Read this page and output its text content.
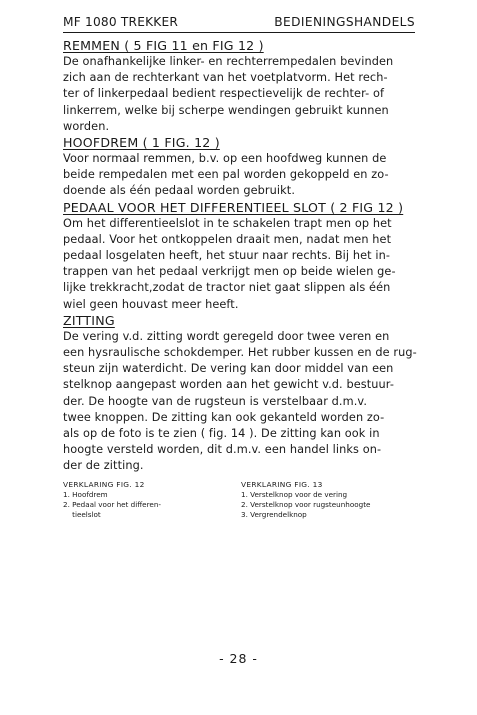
MF 1080 TREKKER	BEDIENINGSHANDELS
REMMEN ( 5 FIG 11 en FIG 12 )

De onafhankelijke linker- en rechterrempedalen bevinden

zich aan de rechterkant van het voetplatvorm. Het rech-

ter of linkerpedaal bedient respectievelijk de rechter- of

linkerrem, welke bij scherpe wendingen gebruikt kunnen

worden.

HOOFDREM ( 1 FIG. 12 )

Voor normaal remmen, b.v. op een hoofdweg kunnen de

beide rempedalen met een pal worden gekoppeld en zo-

doende als één pedaal worden gebruikt.

PEDAAL VOOR HET DIFFERENTIEEL SLOT ( 2 FIG 12 )

Om het differentieelslot in te schakelen trapt men op het

pedaal. Voor het ontkoppelen draait men, nadat men het

pedaal losgelaten heeft, het stuur naar rechts. Bij het in-

trappen van het pedaal verkrijgt men op beide wielen ge-

lijke trekkracht,zodat de tractor niet gaat slippen als één

wiel geen houvast meer heeft.

ZITTING

De vering v.d. zitting wordt geregeld door twee veren en

een hysraulische schokdemper. Het rubber kussen en de rug-

steun zijn waterdicht. De vering kan door middel van een

stelknop aangepast worden aan het gewicht v.d. bestuur-

der. De hoogte van de rugsteun is verstelbaar d.m.v.

twee knoppen. De zitting kan ook gekanteld worden zo-

als op de foto is te zien ( fig. 14 ). De zitting kan ook in

hoogte versteld worden, dit d.m.v. een handel links on-

der de zitting.

VERKLARING FIG. 12
1. Hoofdrem
2. Pedaal voor het differen-
tieelslot
VERKLARING FIG. 13
1. Verstelknop voor de vering
2. Verstelknop voor rugsteunhoogte
3. Vergrendelknop
- 28 -
